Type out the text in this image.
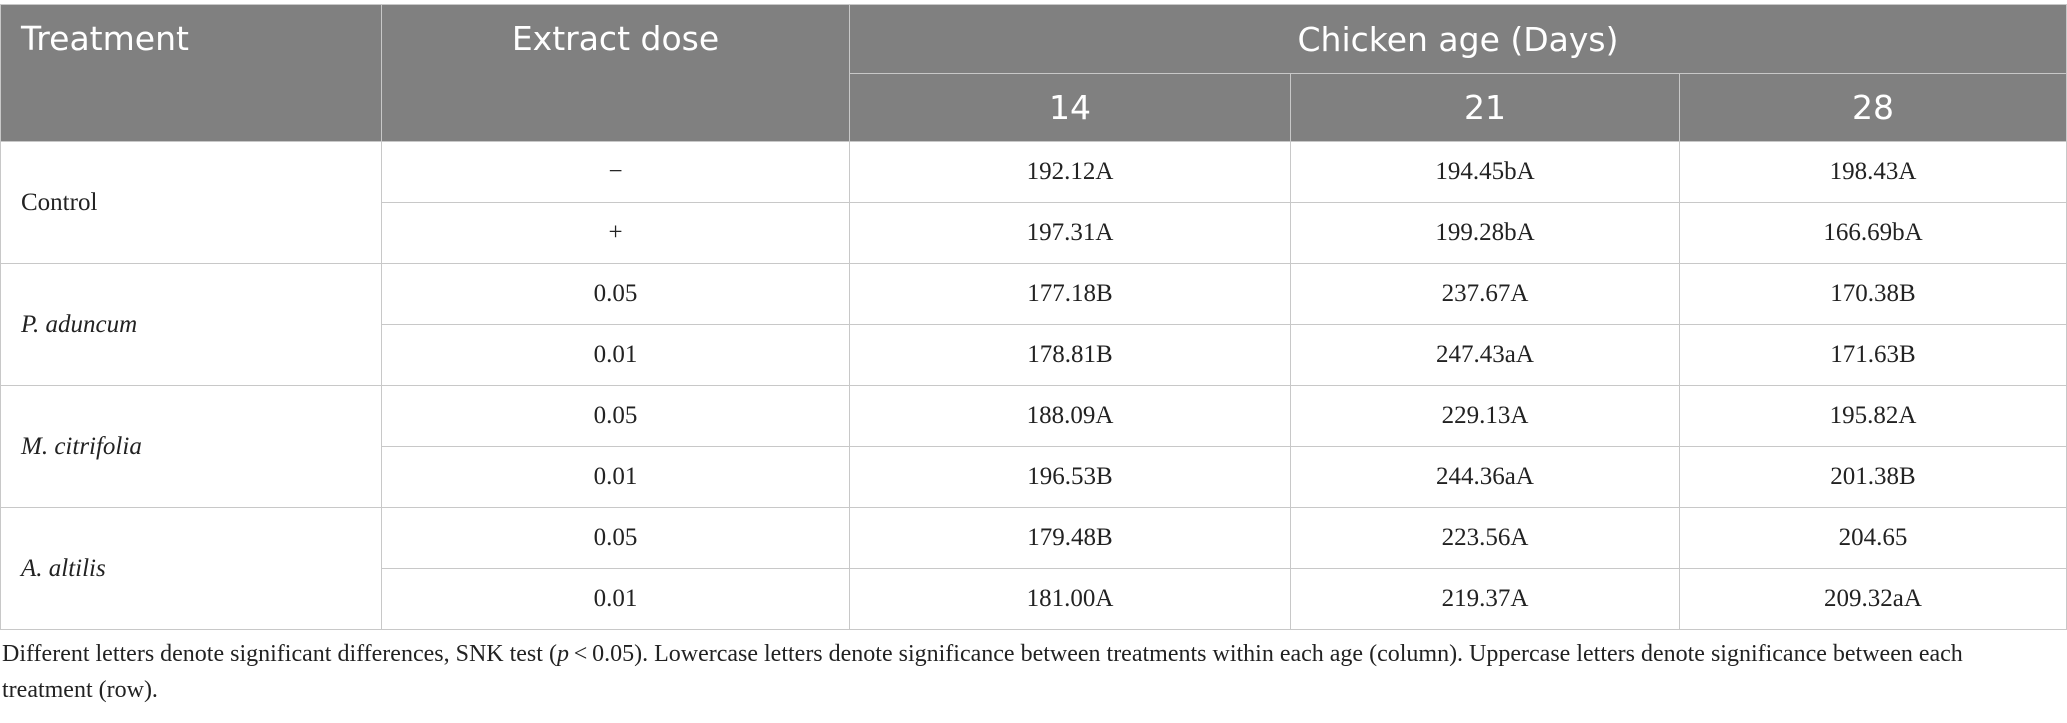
Treatment	Extract dose	Chicken age (Days)		
		14	21	28
Control	−	192.12A	194.45bA	198.43A
	+	197.31A	199.28bA	166.69bA
P. aduncum	0.05	177.18B	237.67A	170.38B
	0.01	178.81B	247.43aA	171.63B
M. citrifolia	0.05	188.09A	229.13A	195.82A
	0.01	196.53B	244.36aA	201.38B
A. altilis	0.05	179.48B	223.56A	204.65
	0.01	181.00A	219.37A	209.32aA

Different letters denote significant differences, SNK test (p < 0.05). Lowercase letters denote significance between treatments within each age (column). Uppercase letters denote significance between each treatment (row).
